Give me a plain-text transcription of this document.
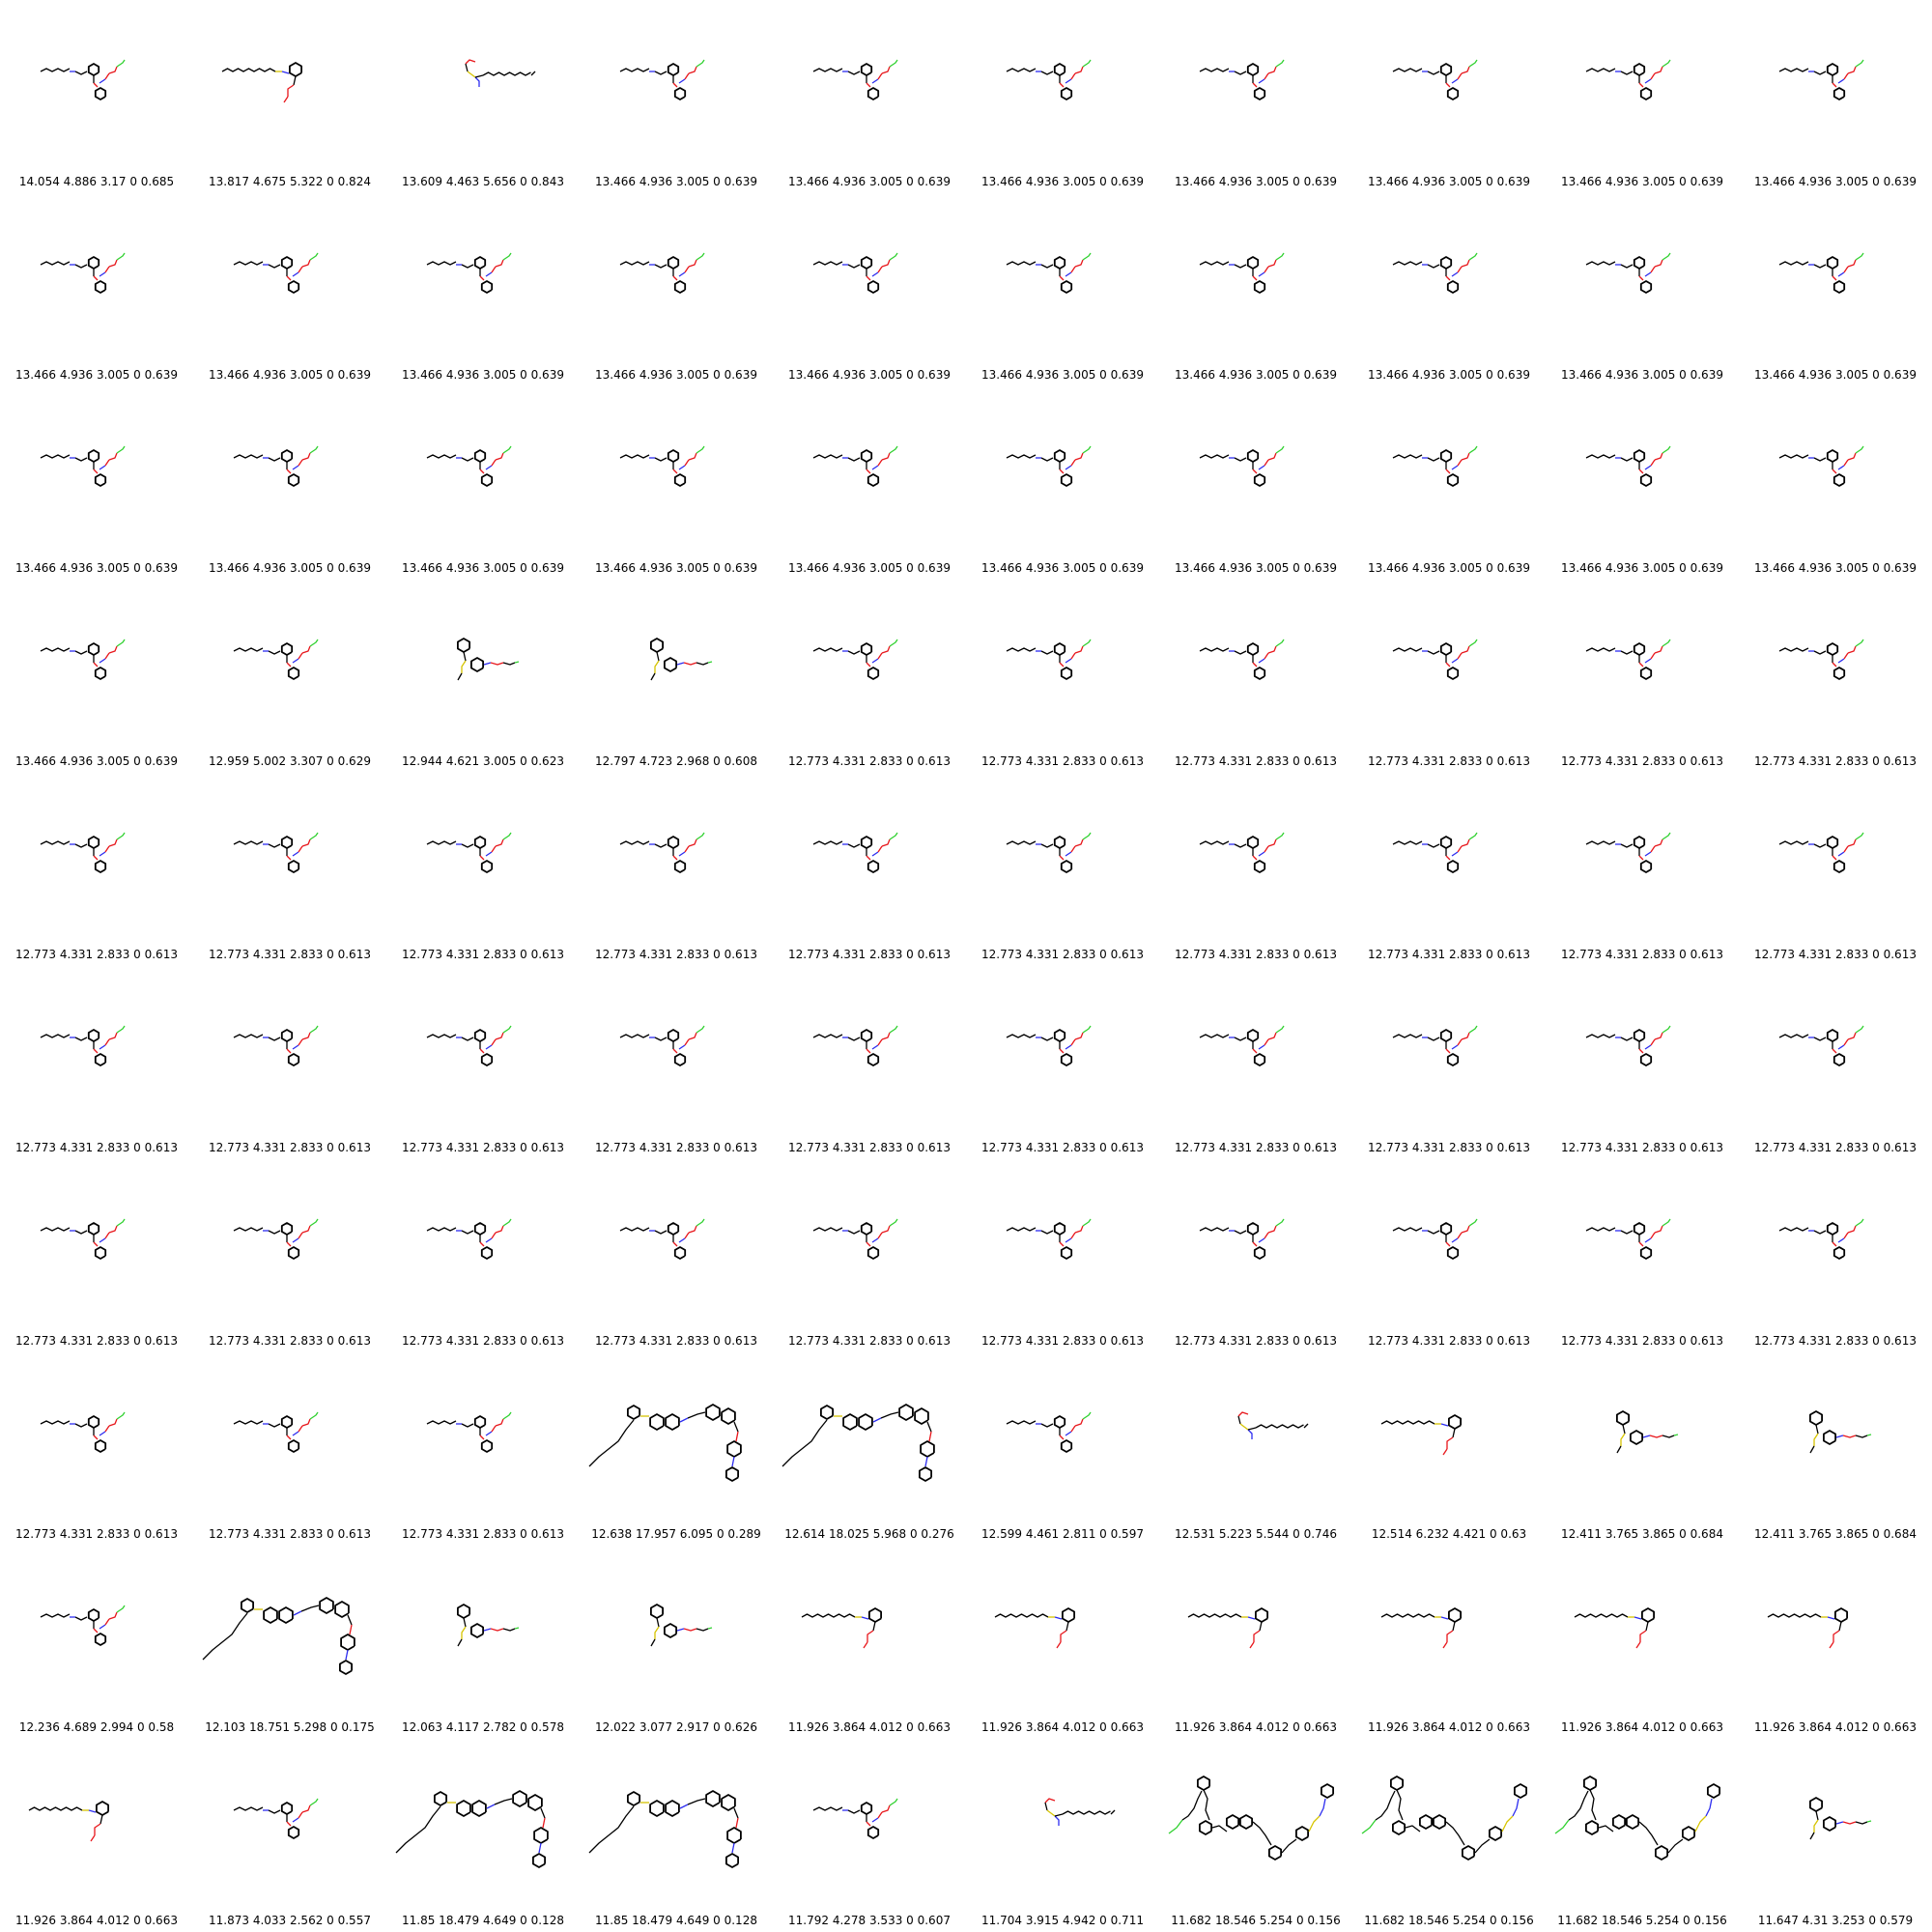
14.054 4.886 3.17 0 0.685	13.817 4.675 5.322 0 0.824	13.609 4.463 5.656 0 0.843	13.466 4.936 3.005 0 0.639	13.466 4.936 3.005 0 0.639	13.466 4.936 3.005 0 0.639	13.466 4.936 3.005 0 0.639	13.466 4.936 3.005 0 0.639	13.466 4.936 3.005 0 0.639	13.466 4.936 3.005 0 0.639
13.466 4.936 3.005 0 0.639	13.466 4.936 3.005 0 0.639	13.466 4.936 3.005 0 0.639	13.466 4.936 3.005 0 0.639	13.466 4.936 3.005 0 0.639	13.466 4.936 3.005 0 0.639	13.466 4.936 3.005 0 0.639	13.466 4.936 3.005 0 0.639	13.466 4.936 3.005 0 0.639	13.466 4.936 3.005 0 0.639
13.466 4.936 3.005 0 0.639	13.466 4.936 3.005 0 0.639	13.466 4.936 3.005 0 0.639	13.466 4.936 3.005 0 0.639	13.466 4.936 3.005 0 0.639	13.466 4.936 3.005 0 0.639	13.466 4.936 3.005 0 0.639	13.466 4.936 3.005 0 0.639	13.466 4.936 3.005 0 0.639	13.466 4.936 3.005 0 0.639
13.466 4.936 3.005 0 0.639	12.959 5.002 3.307 0 0.629	12.944 4.621 3.005 0 0.623	12.797 4.723 2.968 0 0.608	12.773 4.331 2.833 0 0.613	12.773 4.331 2.833 0 0.613	12.773 4.331 2.833 0 0.613	12.773 4.331 2.833 0 0.613	12.773 4.331 2.833 0 0.613	12.773 4.331 2.833 0 0.613
12.773 4.331 2.833 0 0.613	12.773 4.331 2.833 0 0.613	12.773 4.331 2.833 0 0.613	12.773 4.331 2.833 0 0.613	12.773 4.331 2.833 0 0.613	12.773 4.331 2.833 0 0.613	12.773 4.331 2.833 0 0.613	12.773 4.331 2.833 0 0.613	12.773 4.331 2.833 0 0.613	12.773 4.331 2.833 0 0.613
12.773 4.331 2.833 0 0.613	12.773 4.331 2.833 0 0.613	12.773 4.331 2.833 0 0.613	12.773 4.331 2.833 0 0.613	12.773 4.331 2.833 0 0.613	12.773 4.331 2.833 0 0.613	12.773 4.331 2.833 0 0.613	12.773 4.331 2.833 0 0.613	12.773 4.331 2.833 0 0.613	12.773 4.331 2.833 0 0.613
12.773 4.331 2.833 0 0.613	12.773 4.331 2.833 0 0.613	12.773 4.331 2.833 0 0.613	12.773 4.331 2.833 0 0.613	12.773 4.331 2.833 0 0.613	12.773 4.331 2.833 0 0.613	12.773 4.331 2.833 0 0.613	12.773 4.331 2.833 0 0.613	12.773 4.331 2.833 0 0.613	12.773 4.331 2.833 0 0.613
12.773 4.331 2.833 0 0.613	12.773 4.331 2.833 0 0.613	12.773 4.331 2.833 0 0.613	12.638 17.957 6.095 0 0.289	12.614 18.025 5.968 0 0.276	12.599 4.461 2.811 0 0.597	12.531 5.223 5.544 0 0.746	12.514 6.232 4.421 0 0.63	12.411 3.765 3.865 0 0.684	12.411 3.765 3.865 0 0.684
12.236 4.689 2.994 0 0.58	12.103 18.751 5.298 0 0.175	12.063 4.117 2.782 0 0.578	12.022 3.077 2.917 0 0.626	11.926 3.864 4.012 0 0.663	11.926 3.864 4.012 0 0.663	11.926 3.864 4.012 0 0.663	11.926 3.864 4.012 0 0.663	11.926 3.864 4.012 0 0.663	11.926 3.864 4.012 0 0.663
11.926 3.864 4.012 0 0.663	11.873 4.033 2.562 0 0.557	11.85 18.479 4.649 0 0.128	11.85 18.479 4.649 0 0.128	11.792 4.278 3.533 0 0.607	11.704 3.915 4.942 0 0.711	11.682 18.546 5.254 0 0.156	11.682 18.546 5.254 0 0.156	11.682 18.546 5.254 0 0.156	11.647 4.31 3.253 0 0.579
